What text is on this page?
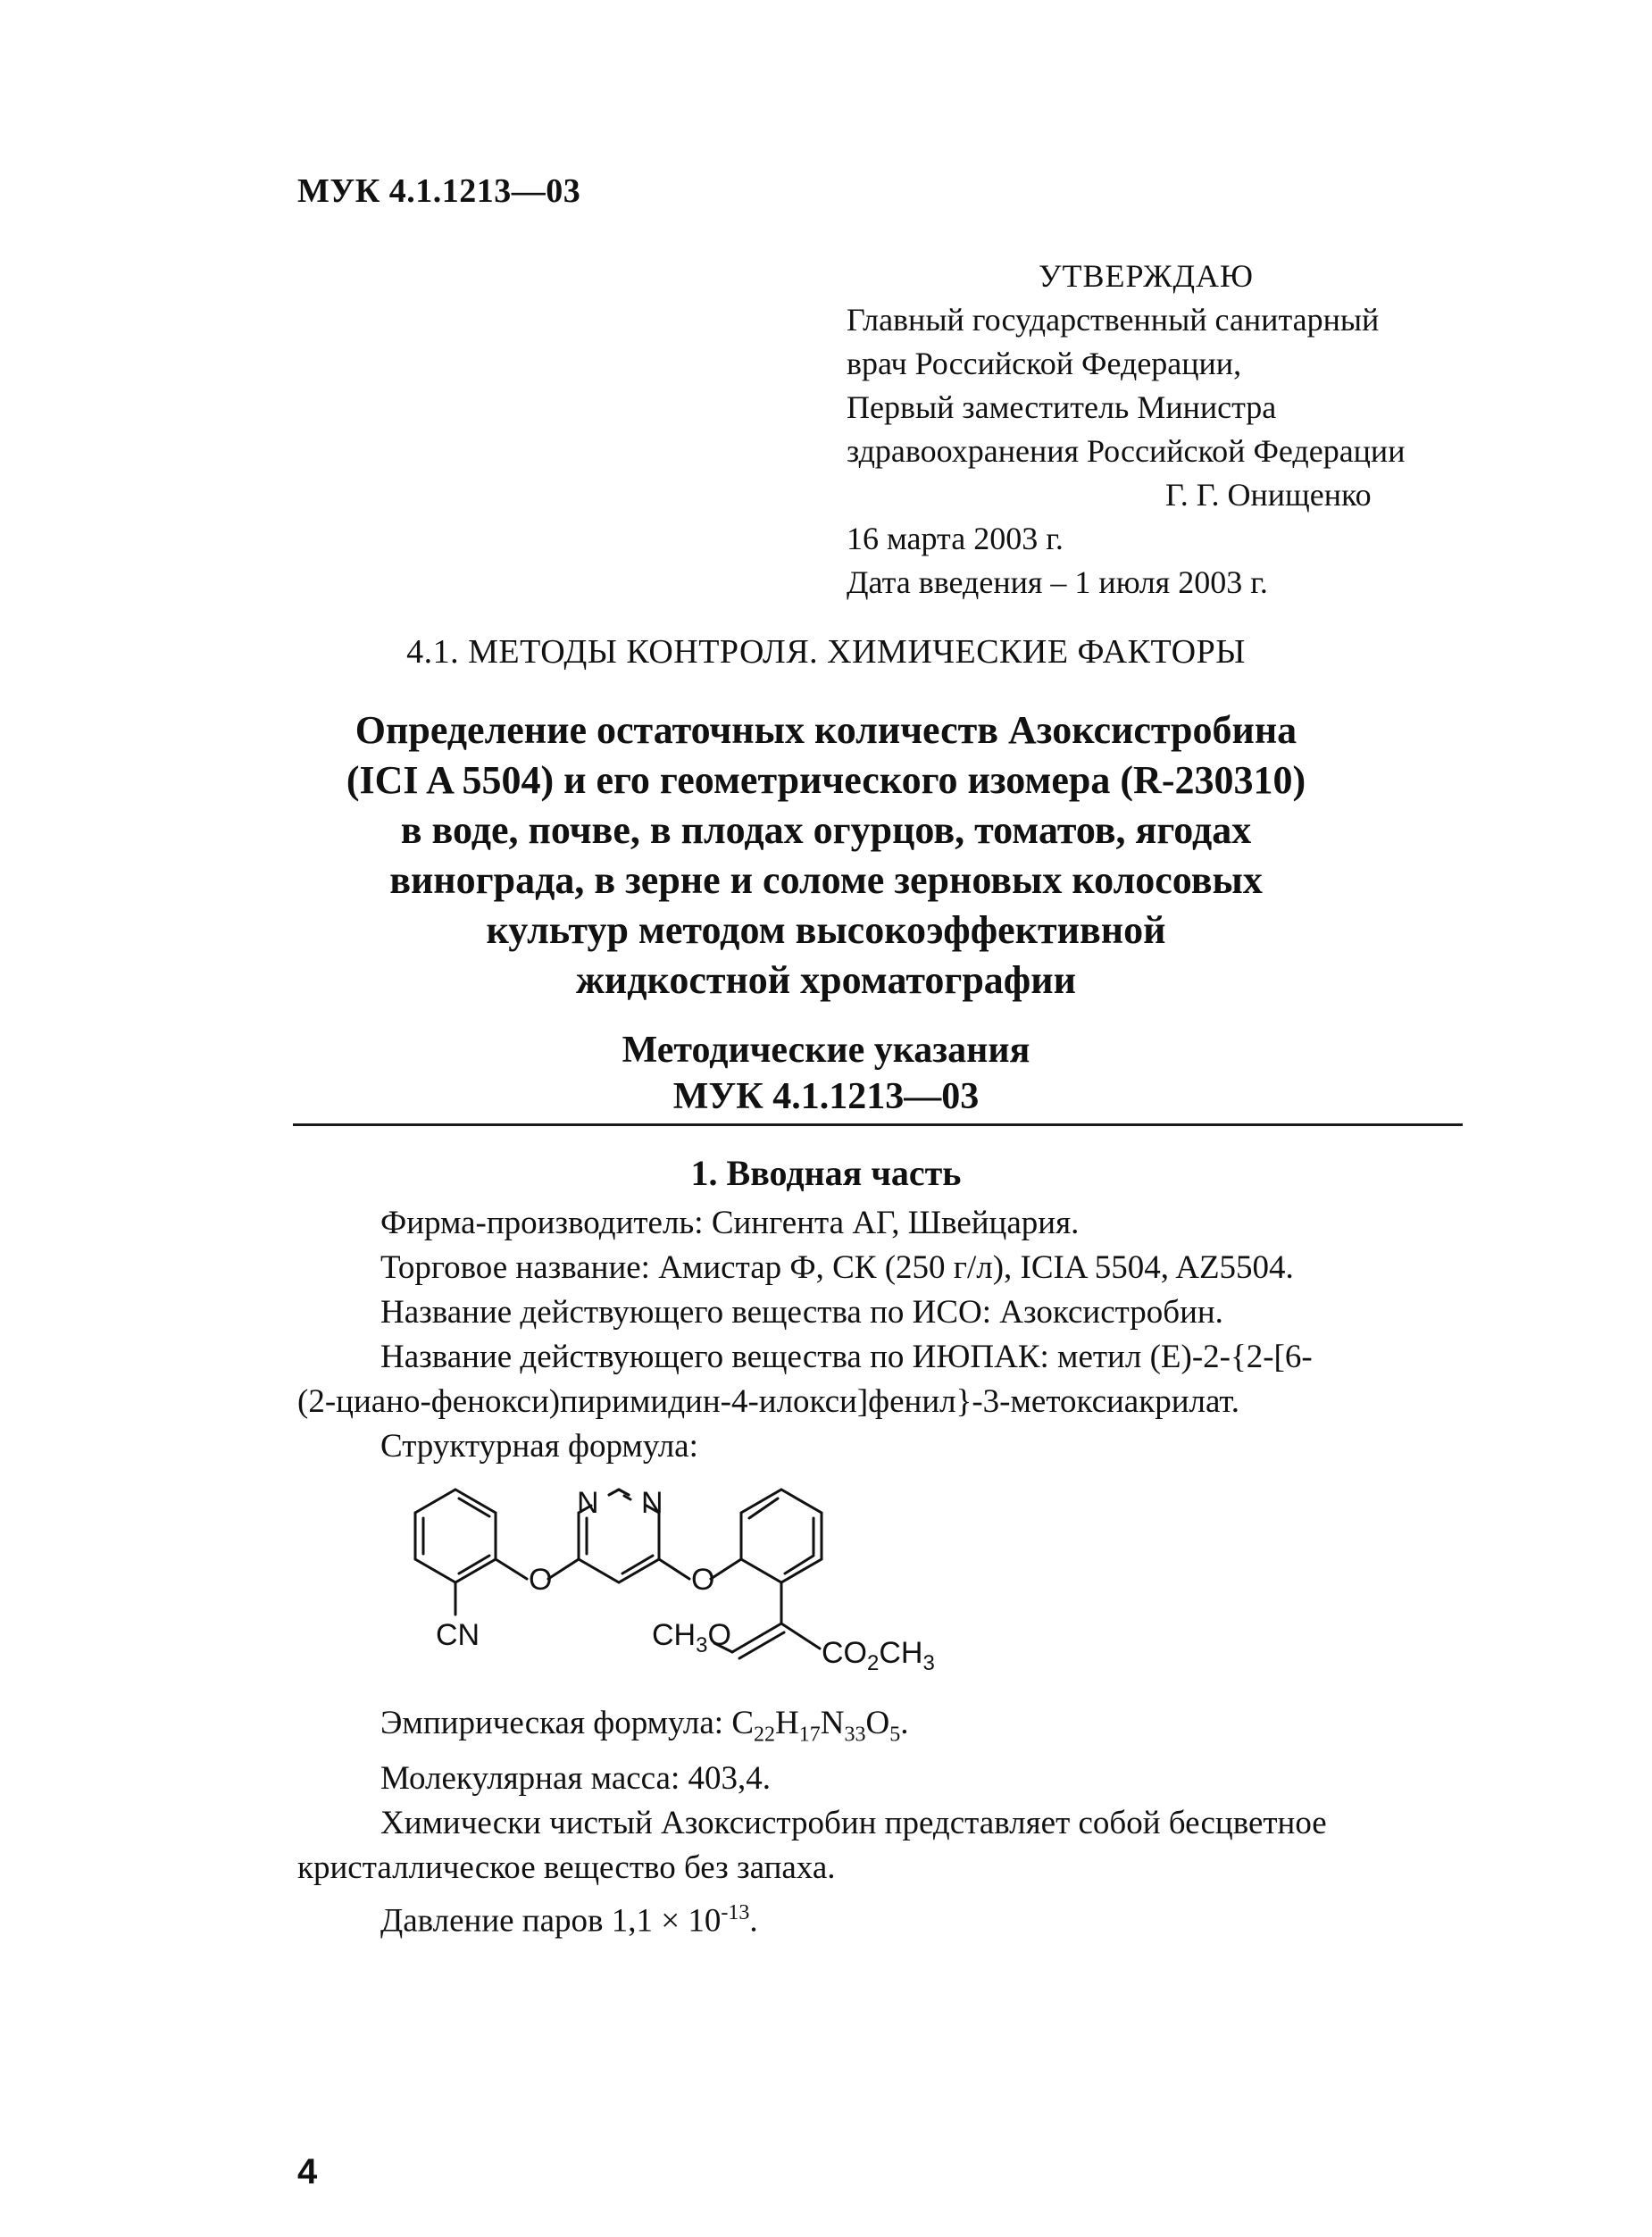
МУК 4.1.1213—03
УТВЕРЖДАЮ
Главный государственный санитарный
врач Российской Федерации,
Первый заместитель Министра
здравоохранения Российской Федерации
Г. Г. Онищенко
16 марта 2003 г.
Дата введения – 1 июля 2003 г.
4.1. МЕТОДЫ КОНТРОЛЯ. ХИМИЧЕСКИЕ ФАКТОРЫ
Определение остаточных количеств Азоксистробина
(ICI A 5504) и его геометрического изомера (R-230310)
в воде, почве, в плодах огурцов, томатов, ягодах
винограда, в зерне и соломе зерновых колосовых
культур методом высокоэффективной
жидкостной хроматографии
Методические указания
МУК 4.1.1213—03
1. Вводная часть
Фирма-производитель: Сингента АГ, Швейцария.
Торговое название: Амистар Ф, СК (250 г/л), ICIA 5504, AZ5504.
Название действующего вещества по ИСО: Азоксистробин.
Название действующего вещества по ИЮПАК: метил (E)-2-{2-[6-
(2-циано-фенокси)пиримидин-4-илокси]фенил}-3-метоксиакрилат.
Структурная формула:
N N
O	O
CN	$CH_3O$
$CO_2CH_3$
Эмпирическая формула: $C_{22}H_{17}N_{33}O_5$.
Молекулярная масса: 403,4.
Химически чистый Азоксистробин представляет собой бесцветное
кристаллическое вещество без запаха.
Давление паров $1,1 \times 10^{-13}$.
4
